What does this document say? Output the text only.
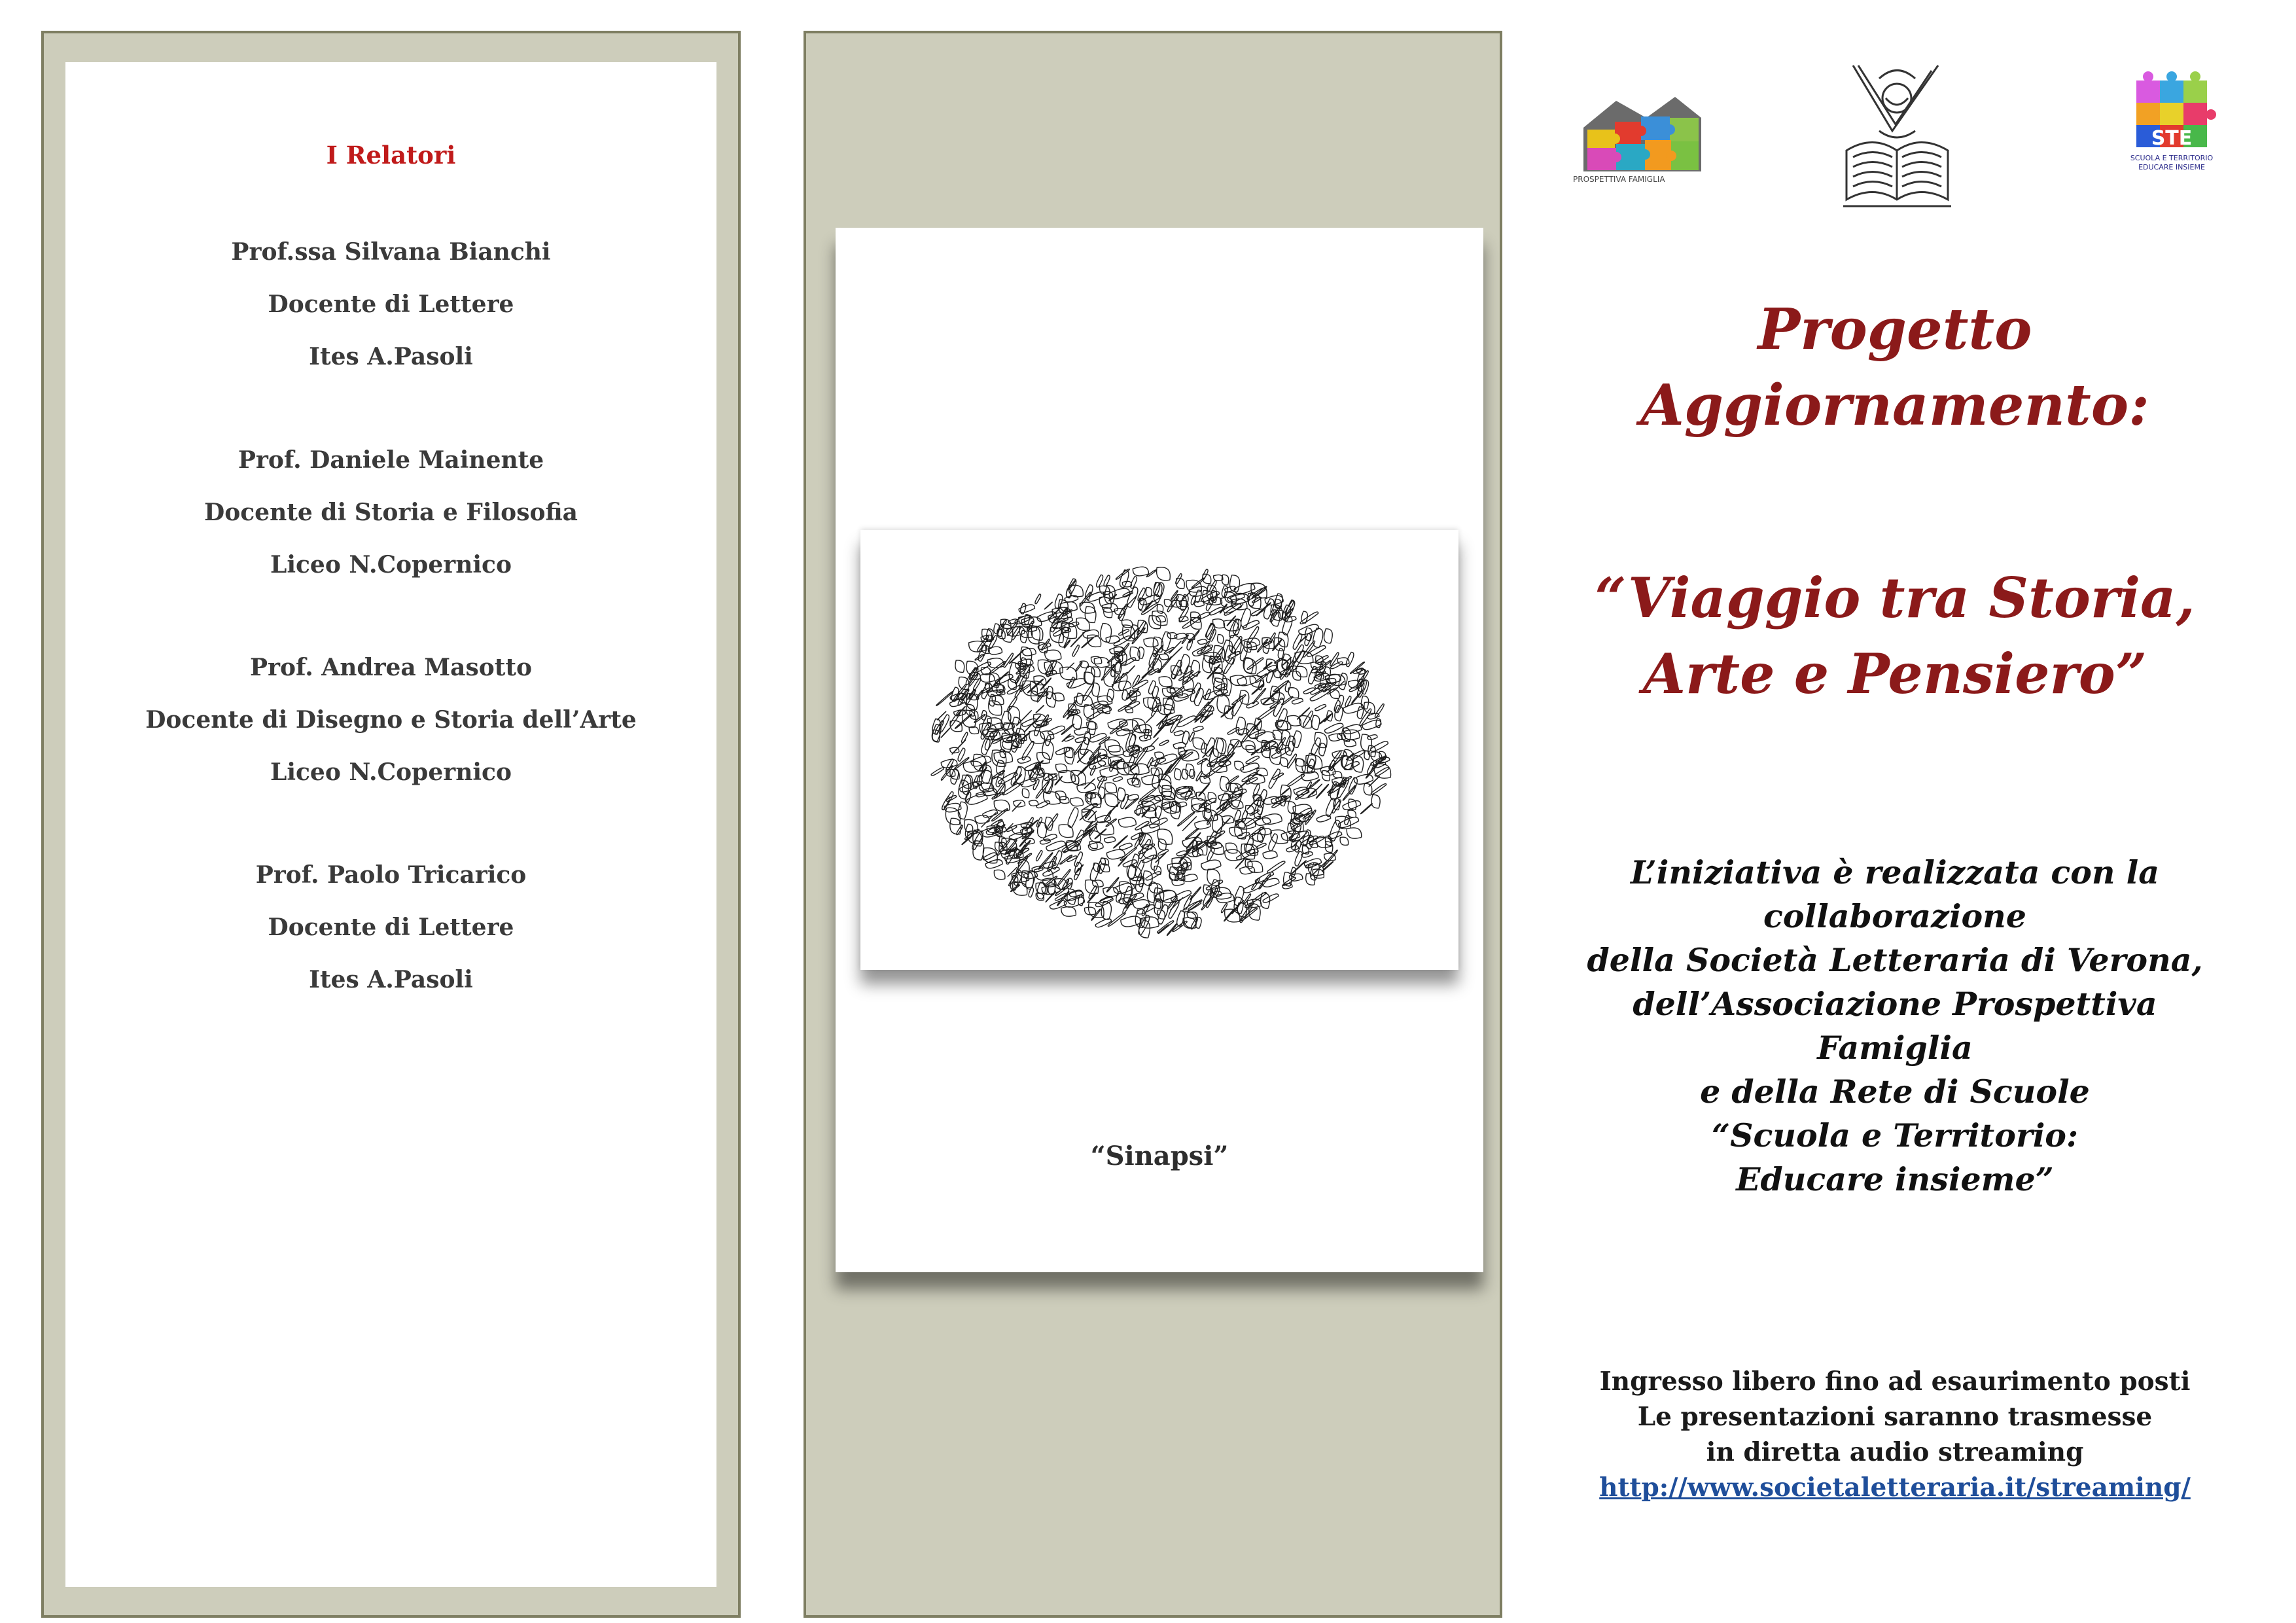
I Relatori
Prof.ssa Silvana Bianchi
Docente di Lettere
Ites A.Pasoli
Prof. Daniele Mainente
Docente di Storia e Filosofia
Liceo N.Copernico
Prof. Andrea Masotto
Docente di Disegno e Storia dell’Arte
Liceo N.Copernico
Prof. Paolo Tricarico
Docente di Lettere
Ites A.Pasoli
“Sinapsi”
PROSPETTIVA FAMIGLIA
STE
SCUOLA E TERRITORIO
EDUCARE INSIEME
Progetto
Aggiornamento:
“Viaggio tra Storia,
Arte e Pensiero”
L’iniziativa è realizzata con la
collaborazione
della Società Letteraria di Verona,
dell’Associazione Prospettiva
Famiglia
e della Rete di Scuole
“Scuola e Territorio:
Educare insieme”
Ingresso libero fino ad esaurimento posti
Le presentazioni saranno trasmesse
in diretta audio streaming
http://www.societaletteraria.it/streaming/
